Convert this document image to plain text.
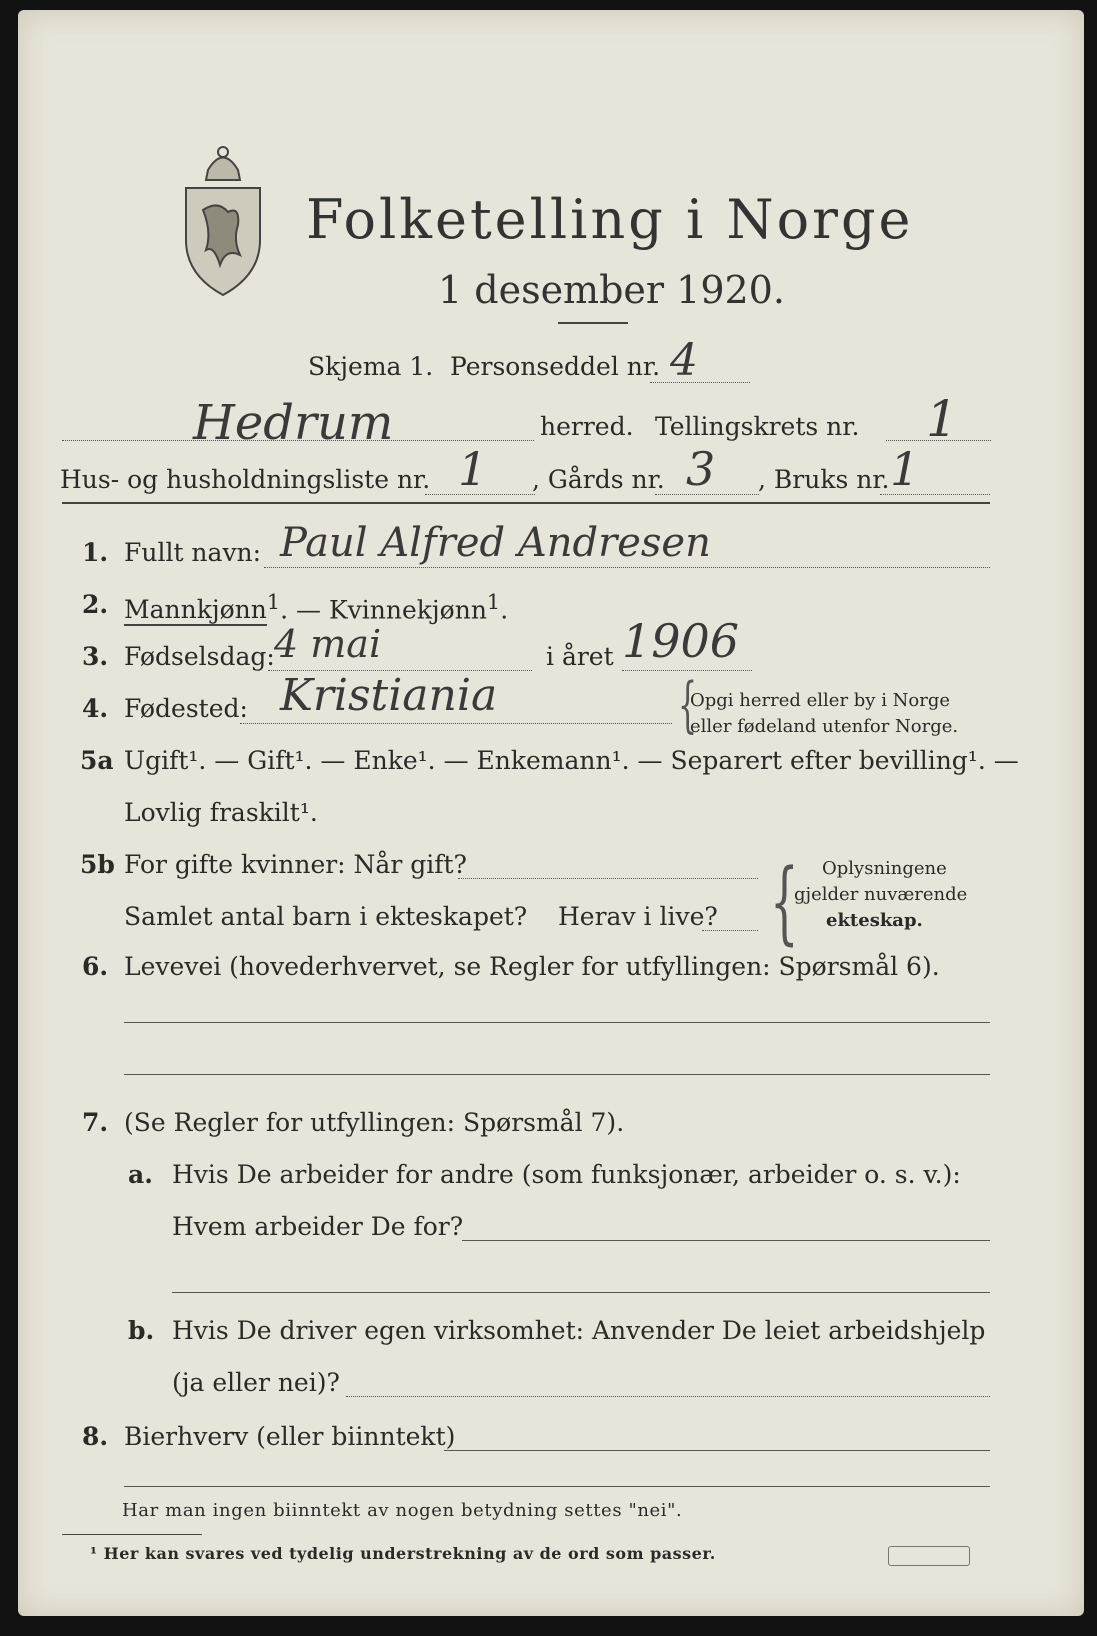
Folketelling i Norge
1 desember 1920.
Skjema 1. Personseddel nr. 4
Hedrum	herred. Tellingskrets nr. 1
Hus- og husholdningsliste nr. 1 , Gårds nr. 3 , Bruks nr. 1
1. Fullt navn: Paul Alfred Andresen
2. Mannkjønn$^1$. — Kvinnekjønn$^1$.
3. Fødselsdag: 4 mai	i året 1906
4. Fødested: Kristiania	{
Opgi herred eller by i Norge
eller fødeland utenfor Norge.
5a Ugift¹. — Gift¹. — Enke¹. — Enkemann¹. — Separert efter bevilling¹. —
Lovlig fraskilt¹.
5b For gifte kvinner: Når gift?
Samlet antal barn i ekteskapet? Herav i live? { Oplysningene
gjelder nuværende
ekteskap.
6. Levevei (hovederhvervet, se Regler for utfyllingen: Spørsmål 6).
7. (Se Regler for utfyllingen: Spørsmål 7).
a. Hvis De arbeider for andre (som funksjonær, arbeider o. s. v.):
Hvem arbeider De for?
b. Hvis De driver egen virksomhet: Anvender De leiet arbeidshjelp
(ja eller nei)?
8. Bierhverv (eller biinntekt)
Har man ingen biinntekt av nogen betydning settes "nei".
¹ Her kan svares ved tydelig understrekning av de ord som passer.
